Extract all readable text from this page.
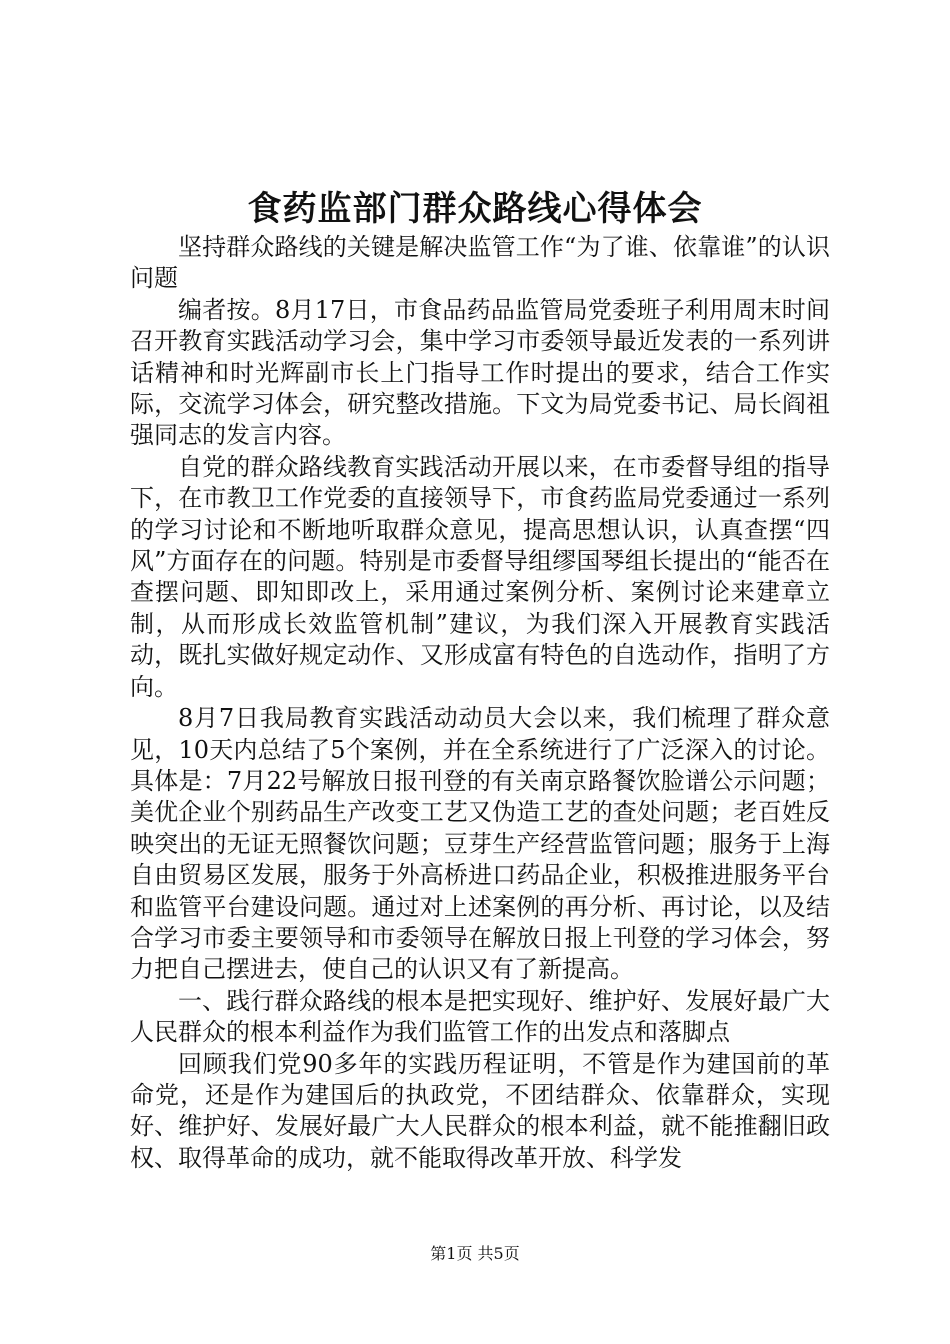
食药监部门群众路线心得体会

坚持群众路线的关键是解决监管工作“为了谁、依靠谁”的认识问题

编者按。8月17日，市食品药品监管局党委班子利用周末时间召开教育实践活动学习会，集中学习市委领导最近发表的一系列讲话精神和时光辉副市长上门指导工作时提出的要求，结合工作实际，交流学习体会，研究整改措施。下文为局党委书记、局长阎祖强同志的发言内容。

自党的群众路线教育实践活动开展以来，在市委督导组的指导下，在市教卫工作党委的直接领导下，市食药监局党委通过一系列的学习讨论和不断地听取群众意见，提高思想认识，认真查摆“四风”方面存在的问题。特别是市委督导组缪国琴组长提出的“能否在查摆问题、即知即改上，采用通过案例分析、案例讨论来建章立制，从而形成长效监管机制”建议，为我们深入开展教育实践活动，既扎实做好规定动作、又形成富有特色的自选动作，指明了方向。

8月7日我局教育实践活动动员大会以来，我们梳理了群众意见，10天内总结了5个案例，并在全系统进行了广泛深入的讨论。具体是：7月22号解放日报刊登的有关南京路餐饮脸谱公示问题；美优企业个别药品生产改变工艺又伪造工艺的查处问题；老百姓反映突出的无证无照餐饮问题；豆芽生产经营监管问题；服务于上海自由贸易区发展，服务于外高桥进口药品企业，积极推进服务平台和监管平台建设问题。通过对上述案例的再分析、再讨论，以及结合学习市委主要领导和市委领导在解放日报上刊登的学习体会，努力把自己摆进去，使自己的认识又有了新提高。

一、践行群众路线的根本是把实现好、维护好、发展好最广大人民群众的根本利益作为我们监管工作的出发点和落脚点

回顾我们党90多年的实践历程证明，不管是作为建国前的革命党，还是作为建国后的执政党，不团结群众、依靠群众，实现好、维护好、发展好最广大人民群众的根本利益，就不能推翻旧政权、取得革命的成功，就不能取得改革开放、科学发

第1页 共5页
